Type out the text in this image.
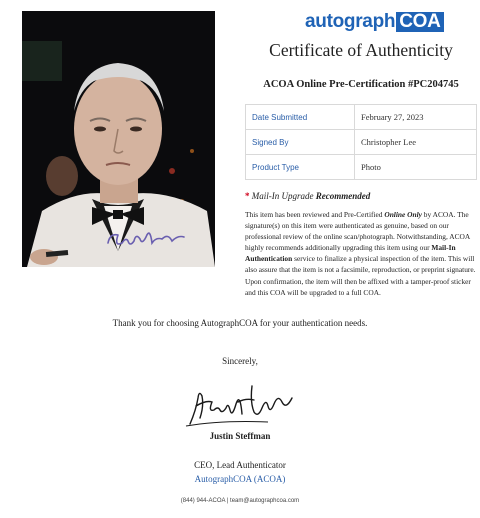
autograph COA
Certificate of Authenticity
ACOA Online Pre-Certification #PC204745
Date Submitted	February 27, 2023
Signed By	Christopher Lee
Product Type	Photo
* Mail-In Upgrade Recommended
This item has been reviewed and Pre-Certified Online Only by ACOA. The signature(s) on this item were authenticated as genuine, based on our professional review of the online scan/photograph. Notwithstanding, ACOA highly recommends additionally upgrading this item using our Mail-In Authentication service to finalize a physical inspection of the item. This will also assure that the item is not a facsimile, reproduction, or preprint signature. Upon confirmation, the item will then be affixed with a tamper-proof sticker and this COA will be upgraded to a full COA.
Thank you for choosing AutographCOA for your authentication needs.
Sincerely,
Justin Steffman
CEO, Lead Authenticator
AutographCOA (ACOA)
(844) 944-ACOA | team@autographcoa.com
